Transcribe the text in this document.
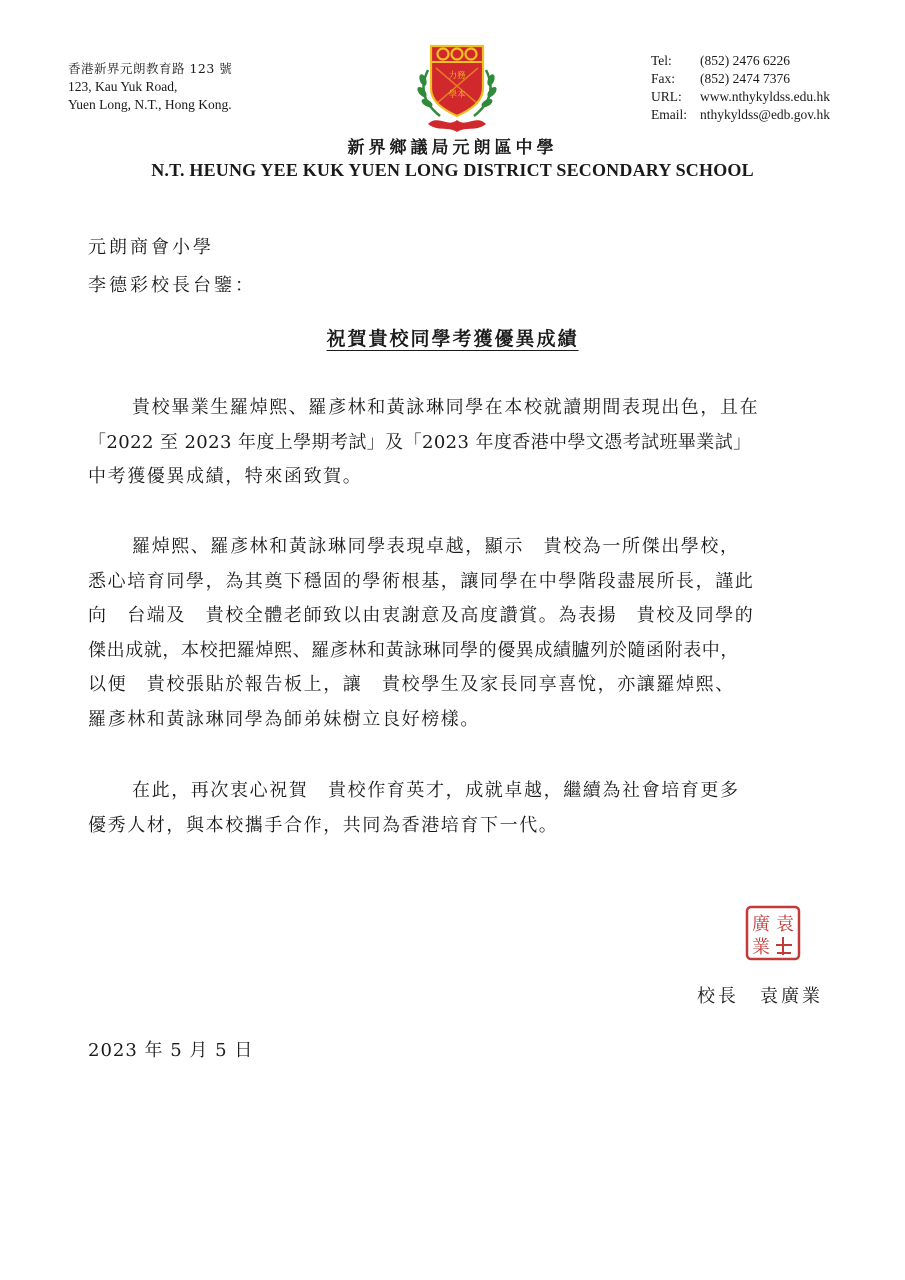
香港新界元朗教育路 123 號
123, Kau Yuk Road,
Yuen Long, N.T., Hong Kong.
力務
學本
Tel:	(852) 2476 6226
Fax:	(852) 2474 7376
URL:	www.nthykyldss.edu.hk
Email: nthykyldss@edb.gov.hk
新界鄉議局元朗區中學
N.T. HEUNG YEE KUK YUEN LONG DISTRICT SECONDARY SCHOOL
元朗商會小學
李德彩校長台鑒：
祝賀貴校同學考獲優異成績
貴校畢業生羅焯熙、羅彥林和黃詠琳同學在本校就讀期間表現出色，且在
「2022 至 2023 年度上學期考試」及「2023 年度香港中學文憑考試班畢業試」
中考獲優異成績，特來函致賀。
羅焯熙、羅彥林和黃詠琳同學表現卓越，顯示　貴校為一所傑出學校，
悉心培育同學，為其奠下穩固的學術根基，讓同學在中學階段盡展所長，謹此
向　台端及　貴校全體老師致以由衷謝意及高度讚賞。為表揚　貴校及同學的
傑出成就，本校把羅焯熙、羅彥林和黃詠琳同學的優異成績臚列於隨函附表中，
以便　貴校張貼於報告板上，讓　貴校學生及家長同享喜悅，亦讓羅焯熙、
羅彥林和黃詠琳同學為師弟妹樹立良好榜樣。
在此，再次衷心祝賀　貴校作育英才，成就卓越，繼續為社會培育更多
優秀人材，與本校攜手合作，共同為香港培育下一代。
袁
廣
業
校長　袁廣業
2023 年 5 月 5 日
